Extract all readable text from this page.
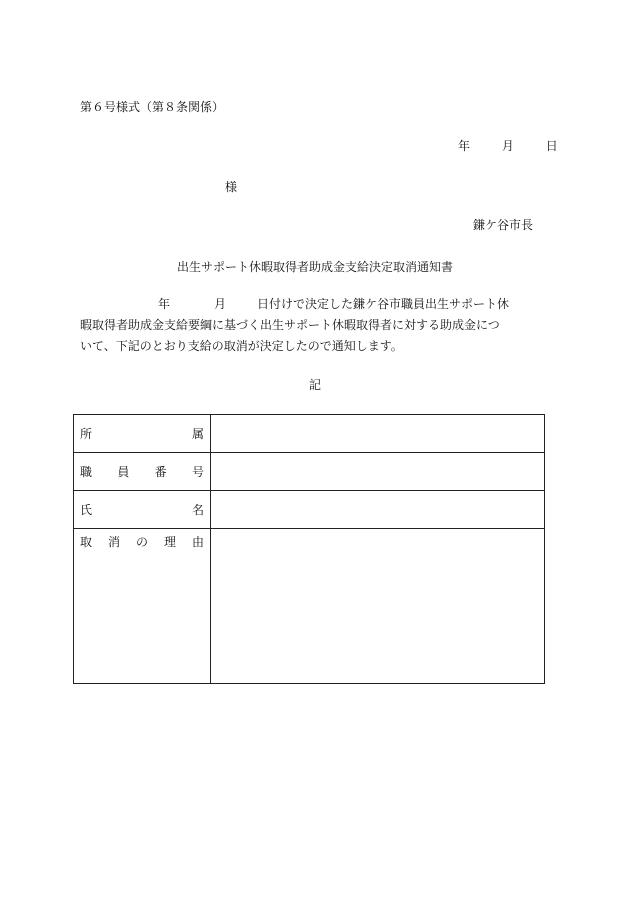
第６号様式（第８条関係）
年	月	日
様
鎌ケ谷市長
出生サポート休暇取得者助成金支給決定取消通知書
年	月	日付けで決定した鎌ケ谷市職員出生サポート休
暇取得者助成金支給要綱に基づく出生サポート休暇取得者に対する助成金につ
いて、下記のとおり支給の取消が決定したので通知します。
記
所 属	

職 員 番 号	

氏 名	

取 消 の 理 由	
